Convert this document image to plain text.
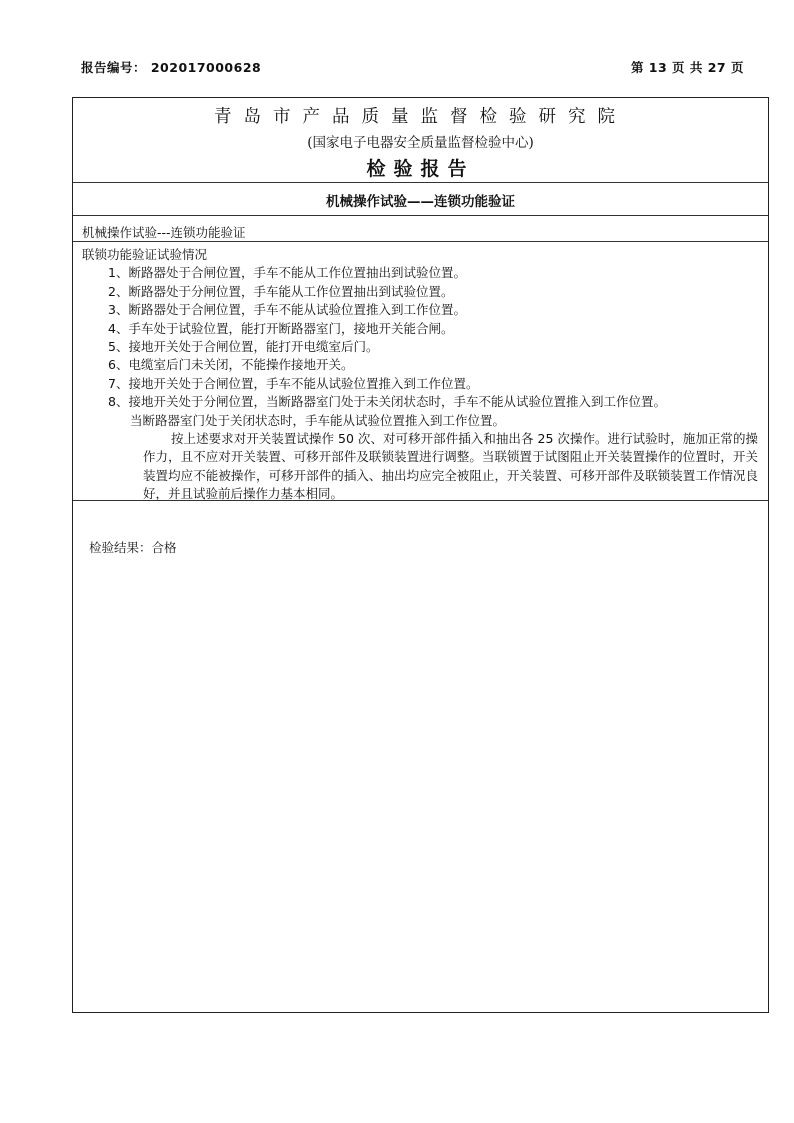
报告编号： 202017000628	第 13 页 共 27 页
青岛市产品质量监督检验研究院
(国家电子电器安全质量监督检验中心)
检验报告
机械操作试验——连锁功能验证
机械操作试验---连锁功能验证
联锁功能验证试验情况
1、断路器处于合闸位置，手车不能从工作位置抽出到试验位置。
2、断路器处于分闸位置，手车能从工作位置抽出到试验位置。
3、断路器处于合闸位置，手车不能从试验位置推入到工作位置。
4、手车处于试验位置，能打开断路器室门，接地开关能合闸。
5、接地开关处于合闸位置，能打开电缆室后门。
6、电缆室后门未关闭，不能操作接地开关。
7、接地开关处于合闸位置，手车不能从试验位置推入到工作位置。
8、接地开关处于分闸位置，当断路器室门处于未关闭状态时，手车不能从试验位置推入到工作位置。
当断路器室门处于关闭状态时，手车能从试验位置推入到工作位置。
按上述要求对开关装置试操作 50 次、对可移开部件插入和抽出各 25 次操作。进行试验时，施加正常的操作力，且不应对开关装置、可移开部件及联锁装置进行调整。当联锁置于试图阻止开关装置操作的位置时，开关装置均应不能被操作，可移开部件的插入、抽出均应完全被阻止，开关装置、可移开部件及联锁装置工作情况良好，并且试验前后操作力基本相同。
检验结果：合格
